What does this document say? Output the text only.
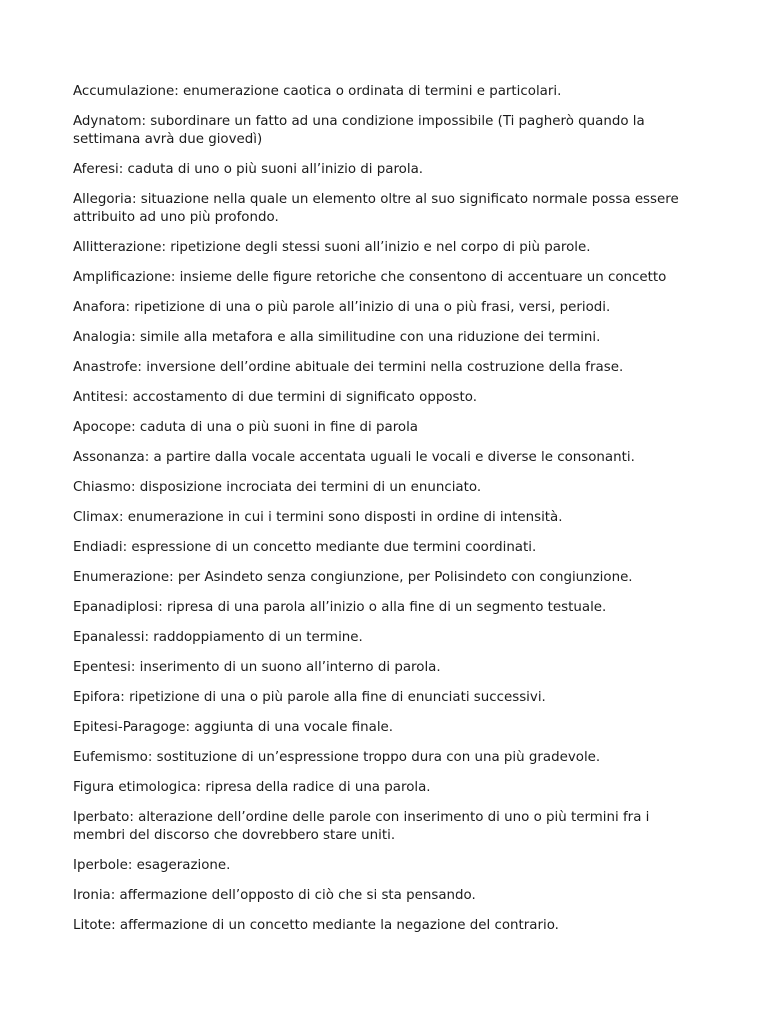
Accumulazione: enumerazione caotica o ordinata di termini e particolari.

Adynatom: subordinare un fatto ad una condizione impossibile (Ti pagherò quando la settimana avrà due giovedì)

Aferesi: caduta di uno o più suoni all’inizio di parola.

Allegoria: situazione nella quale un elemento oltre al suo significato normale possa essere attribuito ad uno più profondo.

Allitterazione: ripetizione degli stessi suoni all’inizio e nel corpo di più parole.

Amplificazione: insieme delle figure retoriche che consentono di accentuare un concetto

Anafora: ripetizione di una o più parole all’inizio di una o più frasi, versi, periodi.

Analogia: simile alla metafora e alla similitudine con una riduzione dei termini.

Anastrofe: inversione dell’ordine abituale dei termini nella costruzione della frase.

Antitesi: accostamento di due termini di significato opposto.

Apocope: caduta di una o più suoni in fine di parola

Assonanza: a partire dalla vocale accentata uguali le vocali e diverse le consonanti.

Chiasmo: disposizione incrociata dei termini di un enunciato.

Climax: enumerazione in cui i termini sono disposti in ordine di intensità.

Endiadi: espressione di un concetto mediante due termini coordinati.

Enumerazione: per Asindeto senza congiunzione, per Polisindeto con congiunzione.

Epanadiplosi: ripresa di una parola all’inizio o alla fine di un segmento testuale.

Epanalessi: raddoppiamento di un termine.

Epentesi: inserimento di un suono all’interno di parola.

Epifora: ripetizione di una o più parole alla fine di enunciati successivi.

Epitesi-Paragoge: aggiunta di una vocale finale.

Eufemismo: sostituzione di un’espressione troppo dura con una più gradevole.

Figura etimologica: ripresa della radice di una parola.

Iperbato: alterazione dell’ordine delle parole con inserimento di uno o più termini fra i membri del discorso che dovrebbero stare uniti.

Iperbole: esagerazione.

Ironia: affermazione dell’opposto di ciò che si sta pensando.

Litote: affermazione di un concetto mediante la negazione del contrario.
